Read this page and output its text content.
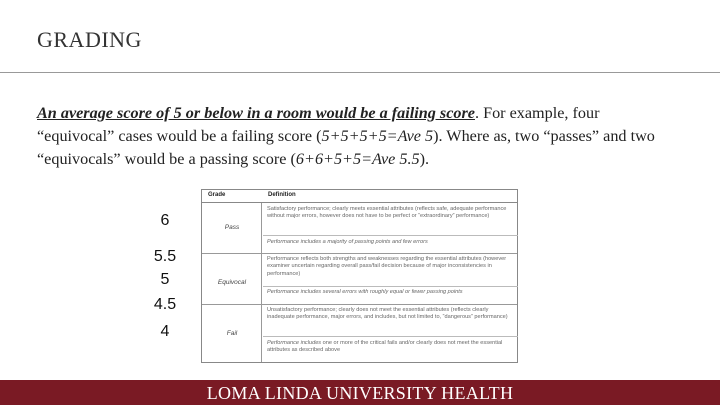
GRADING
An average score of 5 or below in a room would be a failing score. For example, four “equivocal” cases would be a failing score (5+5+5+5=Ave 5). Where as, two “passes” and two “equivocals” would be a passing score (6+6+5+5=Ave 5.5).
6
5.5
5
4.5
4
Grade	Definition
Pass
Satisfactory performance; clearly meets essential attributes (reflects safe, adequate performance without major errors, however does not have to be perfect or “extraordinary” performance)
Performance includes a majority of passing points and few errors
Equivocal
Performance reflects both strengths and weaknesses regarding the essential attributes (however examiner uncertain regarding overall pass/fail decision because of major inconsistencies in performance)
Performance includes several errors with roughly equal or fewer passing points
Fail
Unsatisfactory performance; clearly does not meet the essential attributes (reflects clearly inadequate performance, major errors, and includes, but not limited to, “dangerous” performance)
Performance includes one or more of the critical fails and/or clearly does not meet the essential attributes as described above
LOMA LINDA UNIVERSITY HEALTH
